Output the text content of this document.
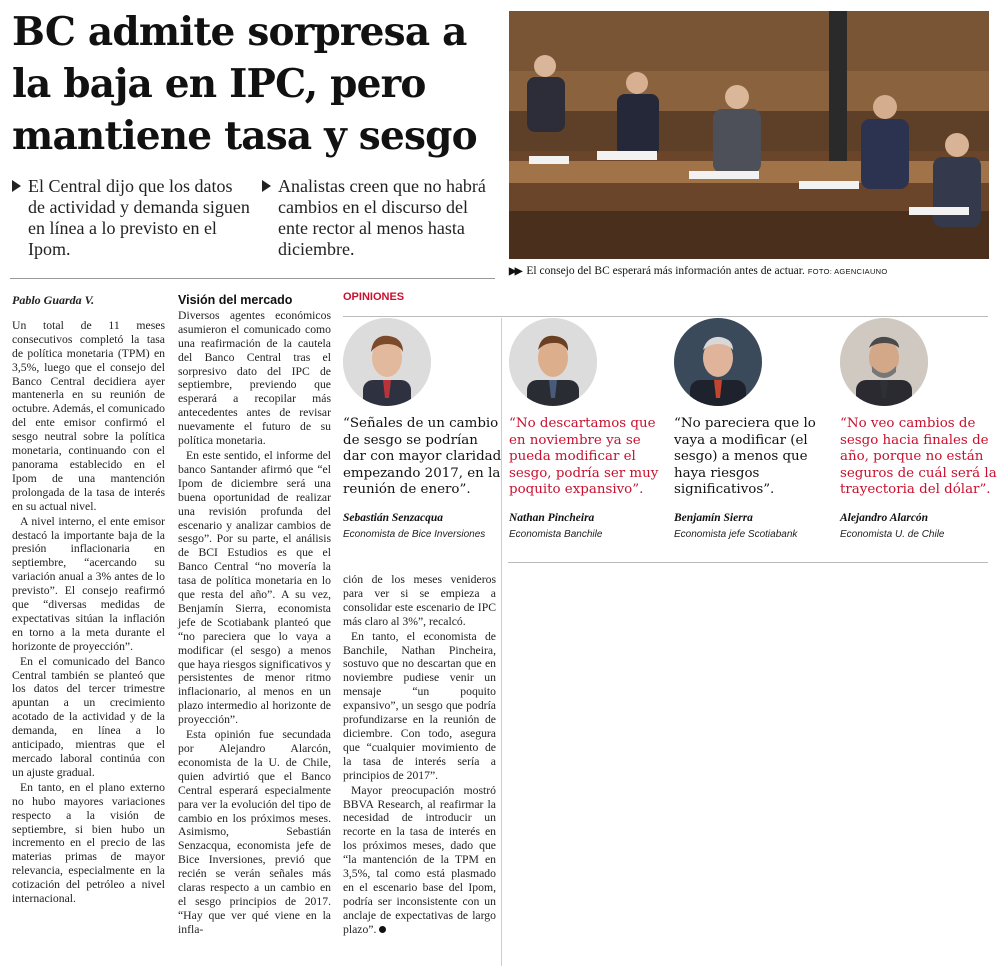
BC admite sorpresa a la baja en IPC, pero mantiene tasa y sesgo
El Central dijo que los datos de actividad y demanda siguen en línea a lo previsto en el Ipom.
Analistas creen que no habrá cambios en el discurso del ente rector al menos hasta diciembre.
▶▶ El consejo del BC esperará más información antes de actuar. FOTO: AGENCIAUNO
Pablo Guarda V.

Un total de 11 meses consecutivos completó la tasa de política monetaria (TPM) en 3,5%, luego que el consejo del Banco Central decidiera ayer mantenerla en su reunión de octubre. Además, el comunicado del ente emisor confirmó el sesgo neutral sobre la política monetaria, continuando con el panorama establecido en el Ipom de una mantención prolongada de la tasa de interés en su actual nivel.

A nivel interno, el ente emisor destacó la importante baja de la presión inflacionaria en septiembre, “acercando su variación anual a 3% antes de lo previsto”. El consejo reafirmó que “diversas medidas de expectativas sitúan la inflación en torno a la meta durante el horizonte de proyección”.

En el comunicado del Banco Central también se planteó que los datos del tercer trimestre apuntan a un crecimiento acotado de la actividad y de la demanda, en línea a lo anticipado, mientras que el mercado laboral continúa con un ajuste gradual.

En tanto, en el plano externo no hubo mayores variaciones respecto a la visión de septiembre, si bien hubo un incremento en el precio de las materias primas de mayor relevancia, especialmente en la cotización del petróleo a nivel internacional.

Visión del mercado

Diversos agentes económicos asumieron el comunicado como una reafirmación de la cautela del Banco Central tras el sorpresivo dato del IPC de septiembre, previendo que esperará a recopilar más antecedentes antes de revisar nuevamente el futuro de su política monetaria.

En este sentido, el informe del banco Santander afirmó que “el Ipom de diciembre será una buena oportunidad de realizar una revisión profunda del escenario y analizar cambios de sesgo”. Por su parte, el análisis de BCI Estudios es que el Banco Central “no movería la tasa de política monetaria en lo que resta del año”. A su vez, Benjamín Sierra, economista jefe de Scotiabank planteó que “no pareciera que lo vaya a modificar (el sesgo) a menos que haya riesgos significativos y persistentes de menor ritmo inflacionario, al menos en un plazo intermedio al horizonte de proyección”.

Esta opinión fue secundada por Alejandro Alarcón, economista de la U. de Chile, quien advirtió que el Banco Central esperará especialmente para ver la evolución del tipo de cambio en los próximos meses. Asimismo, Sebastián Senzacqua, economista jefe de Bice Inversiones, previó que recién se verán señales más claras respecto a un cambio en el sesgo principios de 2017. “Hay que ver qué viene en la infla-

ción de los meses venideros para ver si se empieza a consolidar este escenario de IPC más claro al 3%”, recalcó.

En tanto, el economista de Banchile, Nathan Pincheira, sostuvo que no descartan que en noviembre pudiese venir un mensaje “un poquito expansivo”, un sesgo que podría profundizarse en la reunión de diciembre. Con todo, asegura que “cualquier movimiento de la tasa de interés sería a principios de 2017”.

Mayor preocupación mostró BBVA Research, al reafirmar la necesidad de introducir un recorte en la tasa de interés en los próximos meses, dado que “la mantención de la TPM en 3,5%, tal como está plasmado en el escenario base del Ipom, podría ser inconsistente con un anclaje de expectativas de largo plazo”.

OPINIONES
“Señales de un cambio de sesgo se podrían dar con mayor claridad empezando 2017, en la reunión de enero”.
Sebastián Senzacqua
Economista de Bice Inversiones
“No descartamos que en noviembre ya se pueda modificar el sesgo, podría ser muy poquito expansivo”.
Nathan Pincheira
Economista Banchile
“No pareciera que lo vaya a modificar (el sesgo) a menos que haya riesgos significativos”.
Benjamín Sierra
Economista jefe Scotiabank
“No veo cambios de sesgo hacia finales de año, porque no están seguros de cuál será la trayectoria del dólar”.
Alejandro Alarcón
Economista U. de Chile
